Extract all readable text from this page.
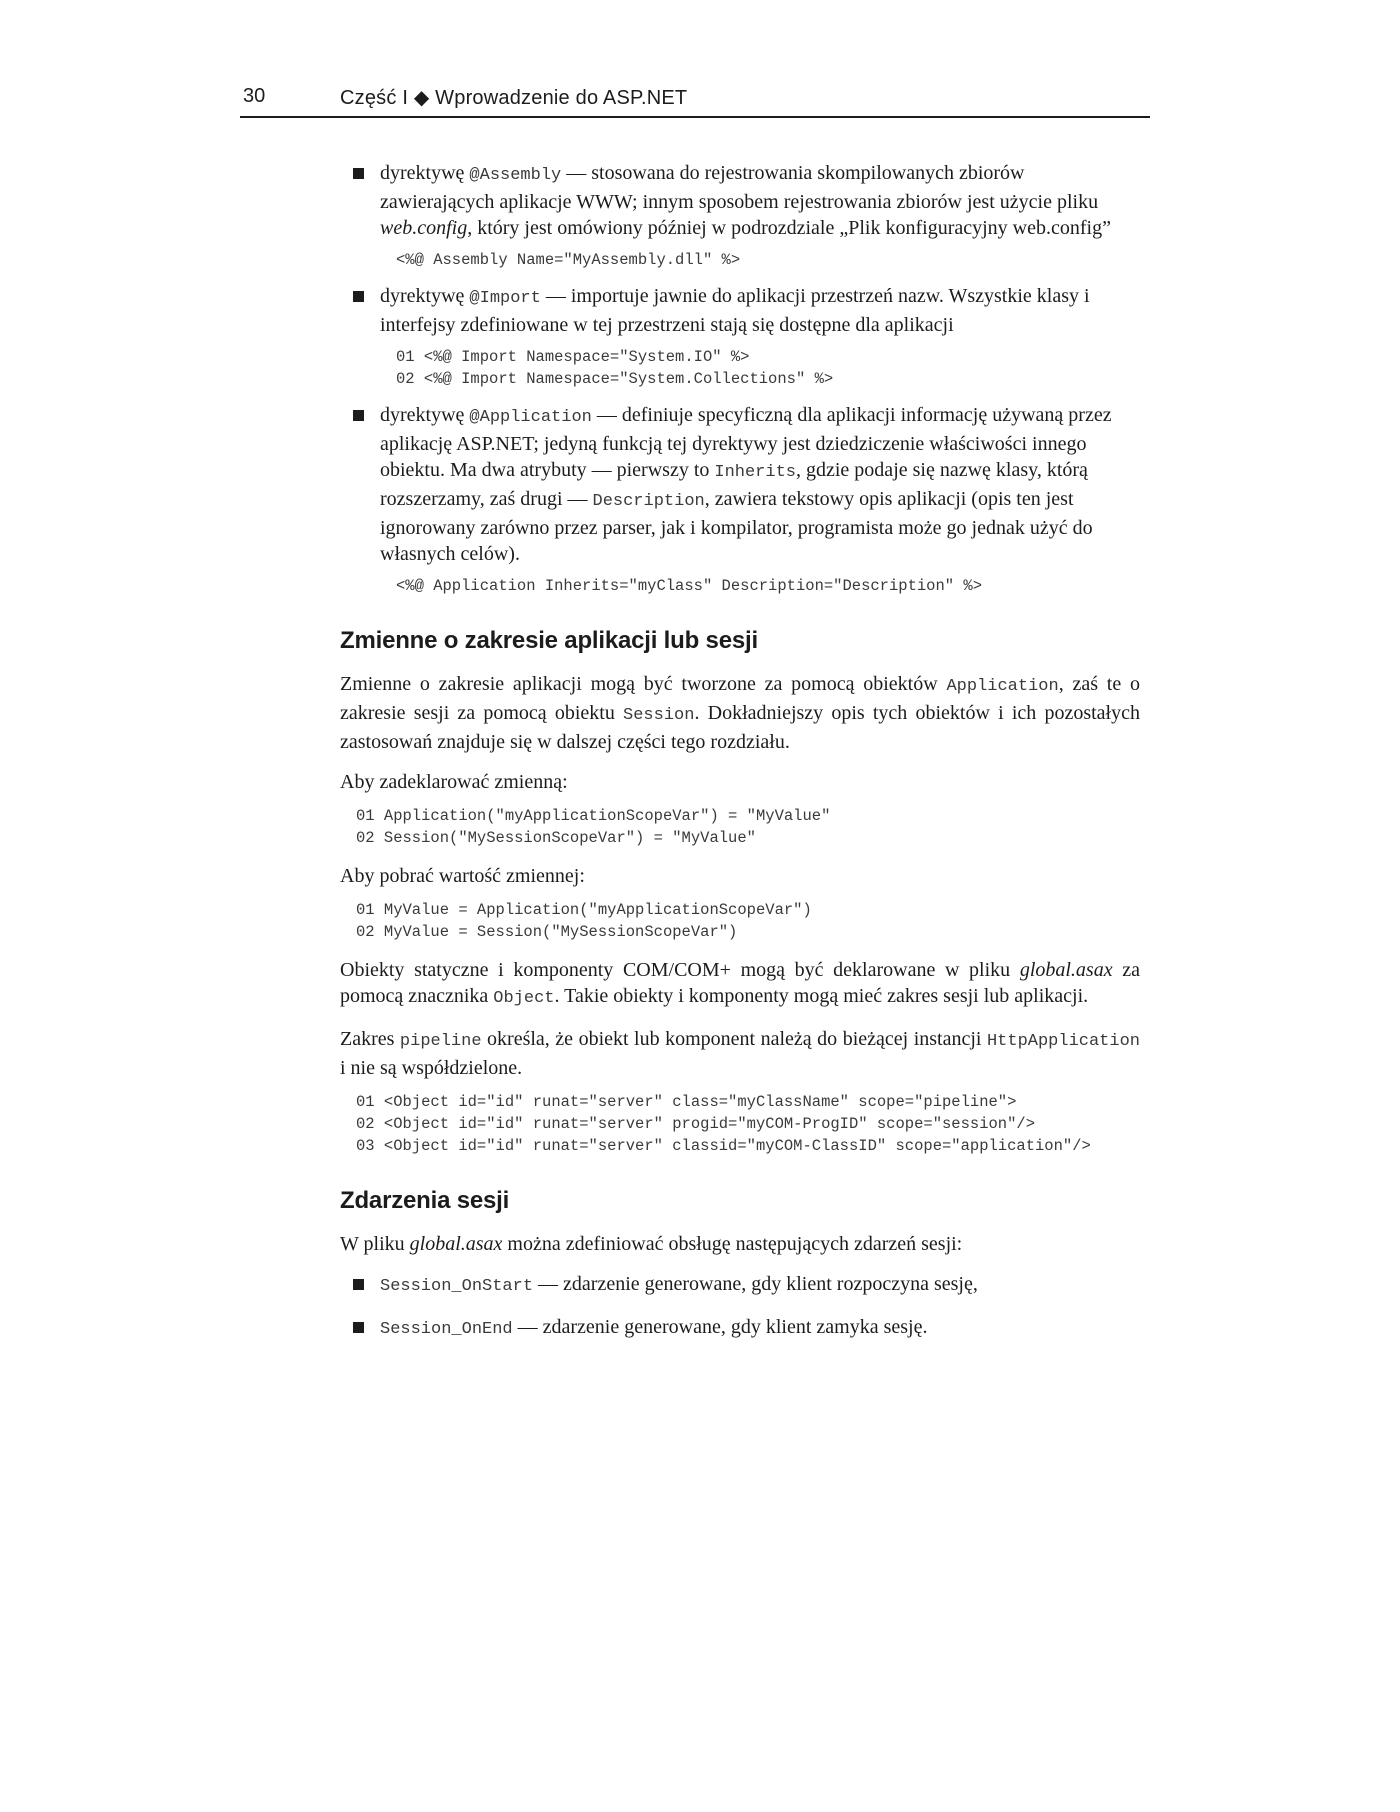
30	Część I ◆ Wprowadzenie do ASP.NET
dyrektywę @Assembly — stosowana do rejestrowania skompilowanych zbiorów zawierających aplikacje WWW; innym sposobem rejestrowania zbiorów jest użycie pliku web.config, który jest omówiony później w podrozdziale „Plik konfiguracyjny web.config”
<%@ Assembly Name="MyAssembly.dll" %>
dyrektywę @Import — importuje jawnie do aplikacji przestrzeń nazw. Wszystkie klasy i interfejsy zdefiniowane w tej przestrzeni stają się dostępne dla aplikacji
01 <%@ Import Namespace="System.IO" %>
02 <%@ Import Namespace="System.Collections" %>
dyrektywę @Application — definiuje specyficzną dla aplikacji informację używaną przez aplikację ASP.NET; jedyną funkcją tej dyrektywy jest dziedziczenie właściwości innego obiektu. Ma dwa atrybuty — pierwszy to Inherits, gdzie podaje się nazwę klasy, którą rozszerzamy, zaś drugi — Description, zawiera tekstowy opis aplikacji (opis ten jest ignorowany zarówno przez parser, jak i kompilator, programista może go jednak użyć do własnych celów).
<%@ Application Inherits="myClass" Description="Description" %>
Zmienne o zakresie aplikacji lub sesji

Zmienne o zakresie aplikacji mogą być tworzone za pomocą obiektów Application, zaś te o zakresie sesji za pomocą obiektu Session. Dokładniejszy opis tych obiektów i ich pozostałych zastosowań znajduje się w dalszej części tego rozdziału.

Aby zadeklarować zmienną:

01 Application("myApplicationScopeVar") = "MyValue"
02 Session("MySessionScopeVar") = "MyValue"

Aby pobrać wartość zmiennej:

01 MyValue = Application("myApplicationScopeVar")
02 MyValue = Session("MySessionScopeVar")

Obiekty statyczne i komponenty COM/COM+ mogą być deklarowane w pliku global.asax za pomocą znacznika Object. Takie obiekty i komponenty mogą mieć zakres sesji lub aplikacji.

Zakres pipeline określa, że obiekt lub komponent należą do bieżącej instancji HttpApplication i nie są współdzielone.

01 <Object id="id" runat="server" class="myClassName" scope="pipeline">
02 <Object id="id" runat="server" progid="myCOM-ProgID" scope="session"/>
03 <Object id="id" runat="server" classid="myCOM-ClassID" scope="application"/>
Zdarzenia sesji

W pliku global.asax można zdefiniować obsługę następujących zdarzeń sesji:

Session_OnStart — zdarzenie generowane, gdy klient rozpoczyna sesję,
Session_OnEnd — zdarzenie generowane, gdy klient zamyka sesję.
